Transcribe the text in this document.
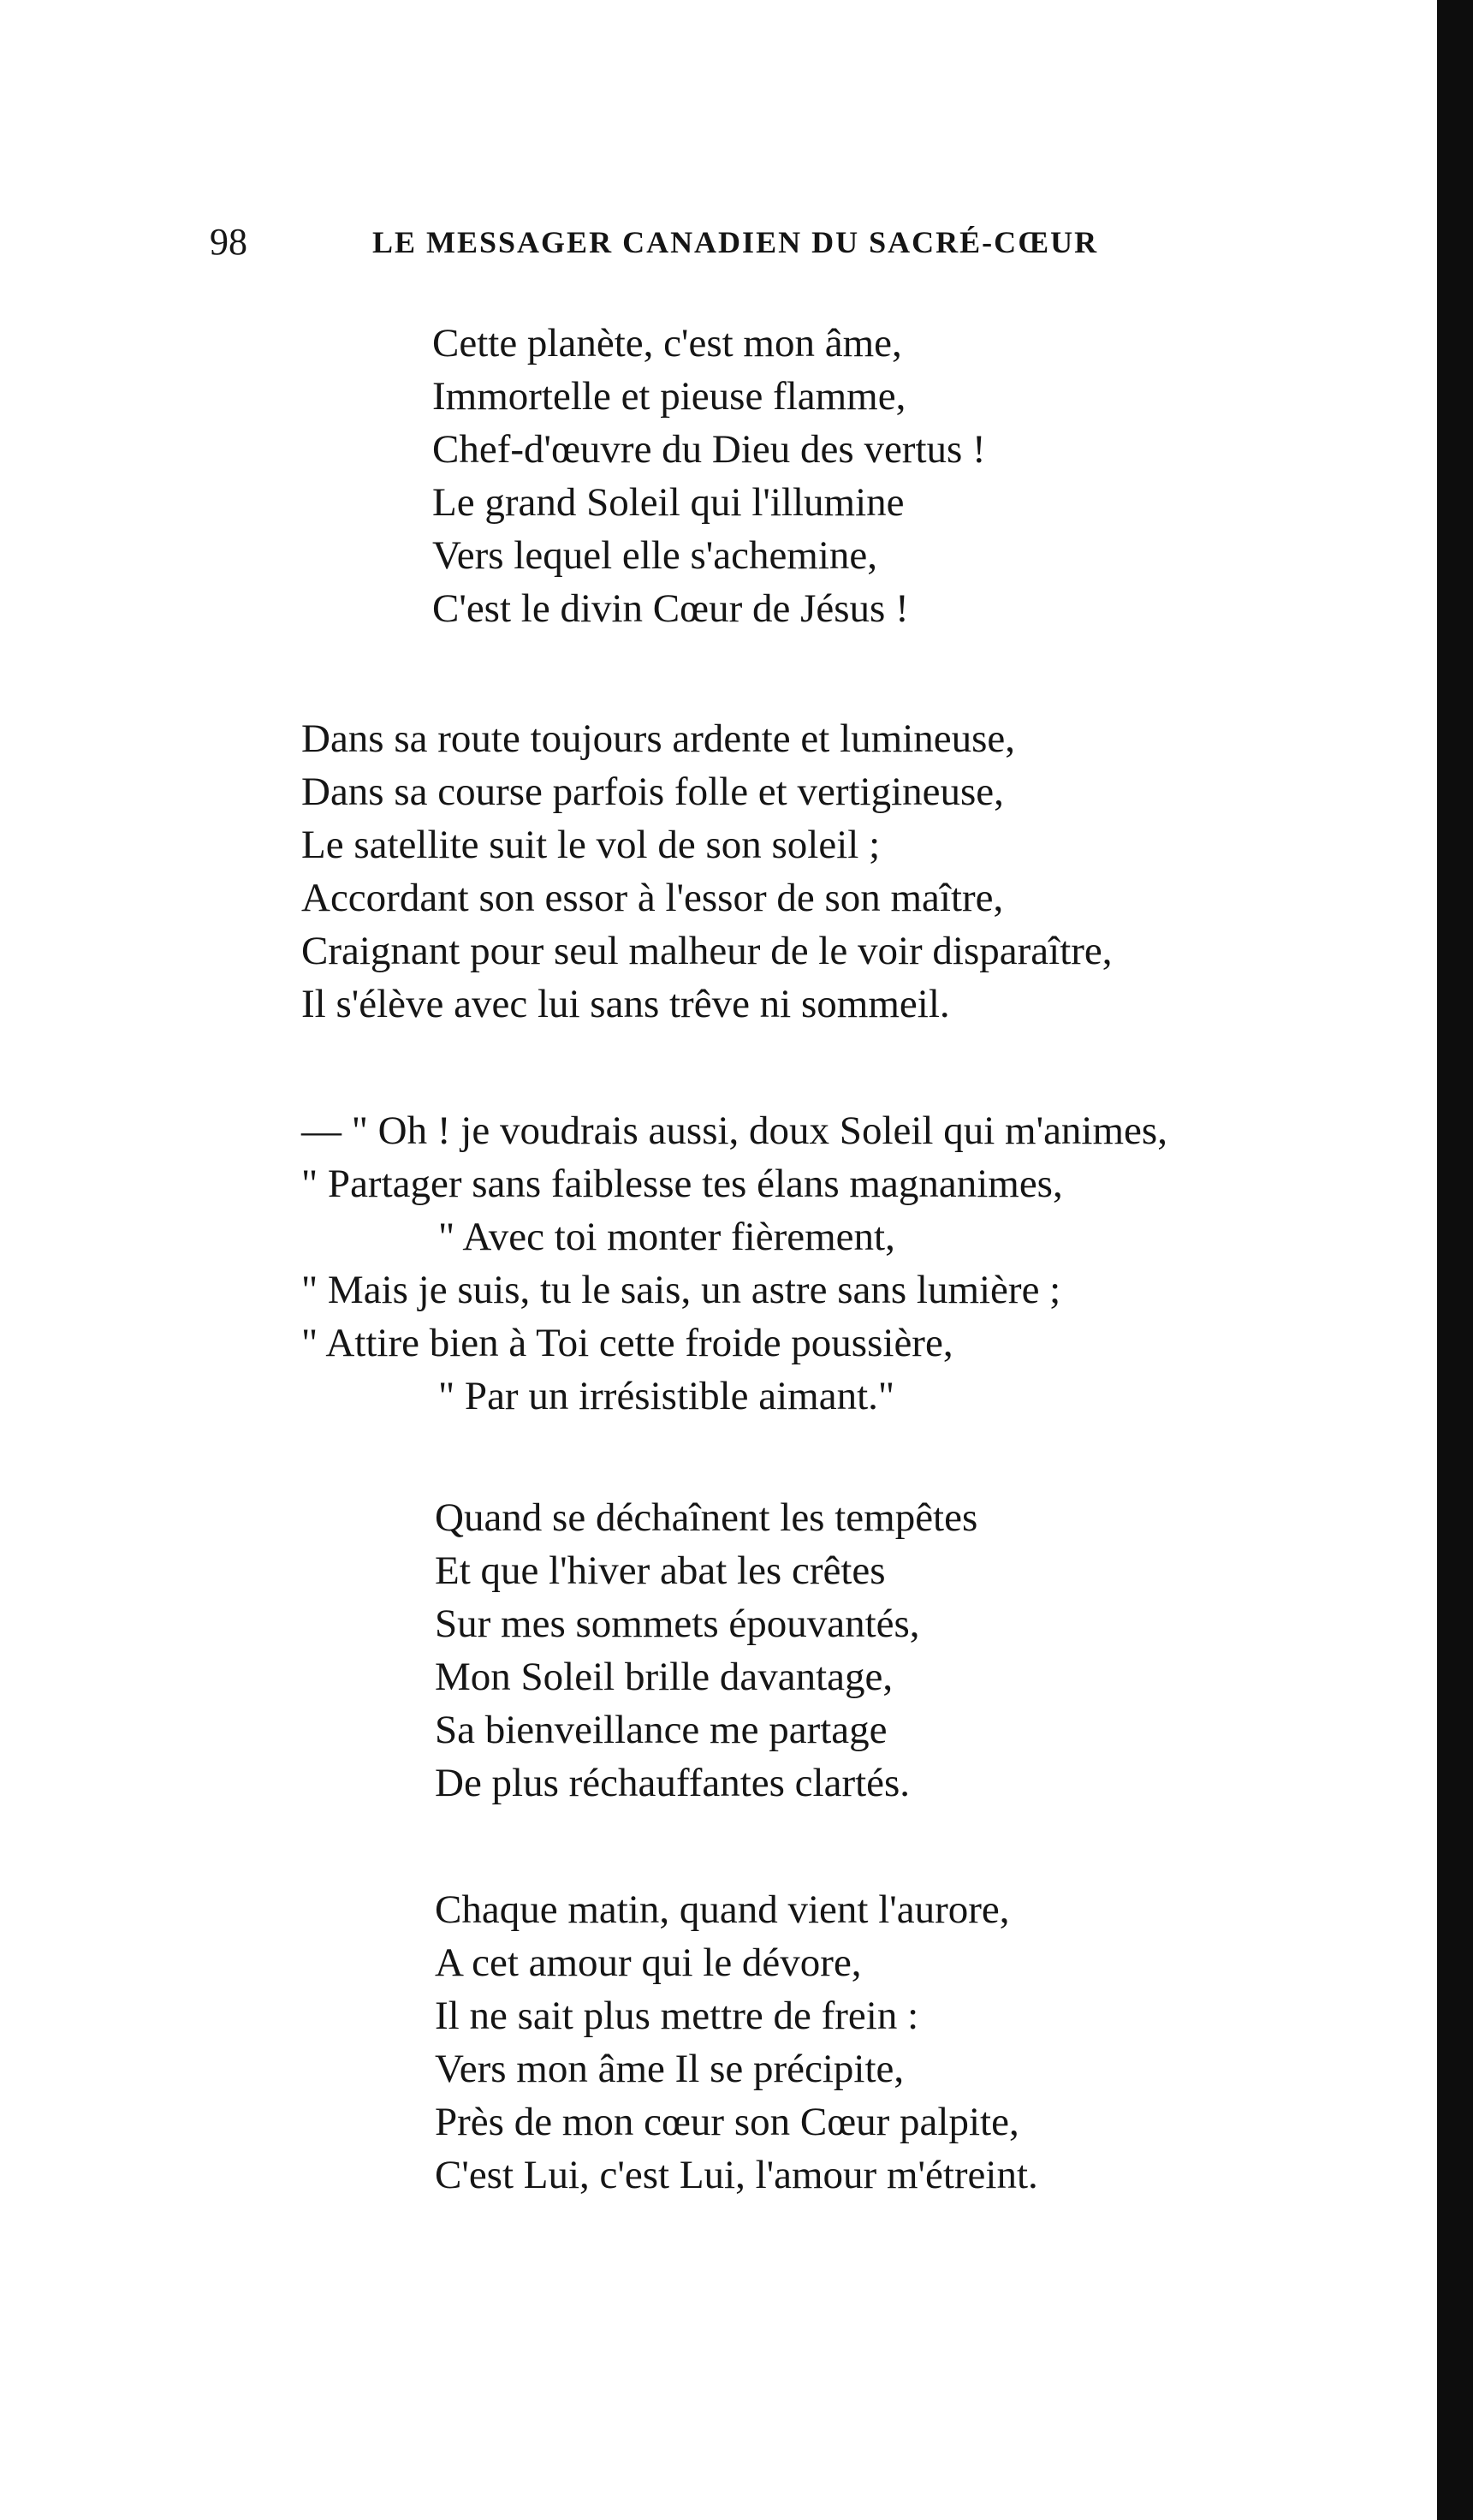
98	LE MESSAGER CANADIEN DU SACRÉ-CŒUR
Cette planète, c'est mon âme,
Immortelle et pieuse flamme,
Chef-d'œuvre du Dieu des vertus !
Le grand Soleil qui l'illumine
Vers lequel elle s'achemine,
C'est le divin Cœur de Jésus !
Dans sa route toujours ardente et lumineuse,
Dans sa course parfois folle et vertigineuse,
Le satellite suit le vol de son soleil ;
Accordant son essor à l'essor de son maître,
Craignant pour seul malheur de le voir disparaître,
Il s'élève avec lui sans trêve ni sommeil.
— " Oh ! je voudrais aussi, doux Soleil qui m'animes,
" Partager sans faiblesse tes élans magnanimes,
" Avec toi monter fièrement,
" Mais je suis, tu le sais, un astre sans lumière ;
" Attire bien à Toi cette froide poussière,
" Par un irrésistible aimant."
Quand se déchaînent les tempêtes
Et que l'hiver abat les crêtes
Sur mes sommets épouvantés,
Mon Soleil brille davantage,
Sa bienveillance me partage
De plus réchauffantes clartés.
Chaque matin, quand vient l'aurore,
A cet amour qui le dévore,
Il ne sait plus mettre de frein :
Vers mon âme Il se précipite,
Près de mon cœur son Cœur palpite,
C'est Lui, c'est Lui, l'amour m'étreint.
